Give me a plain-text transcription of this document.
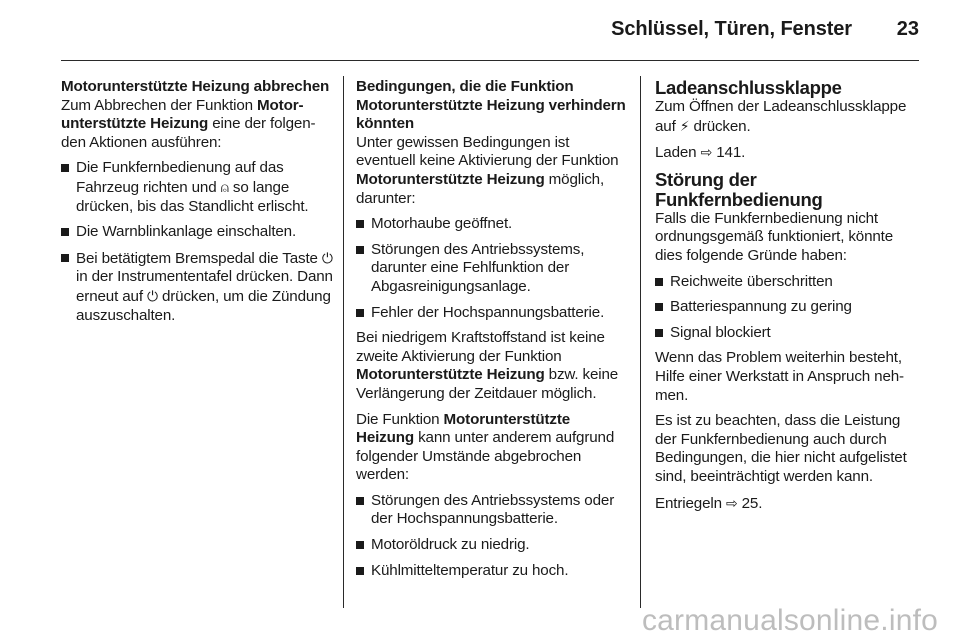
Schlüssel, Türen, Fenster 23

Motorunterstützte Heizung abbrechen

Zum Abbrechen der Funktion Motorunterstützte Heizung eine der folgenden Aktionen ausführen:

Die Funkfernbedienung auf das Fahrzeug richten und ⍝ so lange drücken, bis das Standlicht erlischt.
Die Warnblinkanlage einschalten.
Bei betätigtem Bremspedal die Taste ⏻ in der Instrumententafel drücken. Dann erneut auf ⏻ drücken, um die Zündung auszuschalten.

Bedingungen, die die Funktion Motorunterstützte Heizung verhindern könnten

Unter gewissen Bedingungen ist eventuell keine Aktivierung der Funktion Motorunterstützte Heizung möglich, darunter:

Motorhaube geöffnet.
Störungen des Antriebssystems, darunter eine Fehlfunktion der Abgasreinigungsanlage.
Fehler der Hochspannungsbatterie.

Bei niedrigem Kraftstoffstand ist keine zweite Aktivierung der Funktion Motorunterstützte Heizung bzw. keine Verlängerung der Zeitdauer möglich.

Die Funktion Motorunterstützte Heizung kann unter anderem aufgrund folgender Umstände abgebrochen werden:

Störungen des Antriebssystems oder der Hochspannungsbatterie.
Motoröldruck zu niedrig.
Kühlmitteltemperatur zu hoch.

Ladeanschlussklappe

Zum Öffnen der Ladeanschlussklappe auf ⚡ drücken.

Laden ⇨ 141.

Störung der Funkfernbedienung

Falls die Funkfernbedienung nicht ordnungsgemäß funktioniert, könnte dies folgende Gründe haben:

Reichweite überschritten
Batteriespannung zu gering
Signal blockiert

Wenn das Problem weiterhin besteht, Hilfe einer Werkstatt in Anspruch nehmen.

Es ist zu beachten, dass die Leistung der Funkfernbedienung auch durch Bedingungen, die hier nicht aufgelistet sind, beeinträchtigt werden kann.

Entriegeln ⇨ 25.

carmanualsonline.info
